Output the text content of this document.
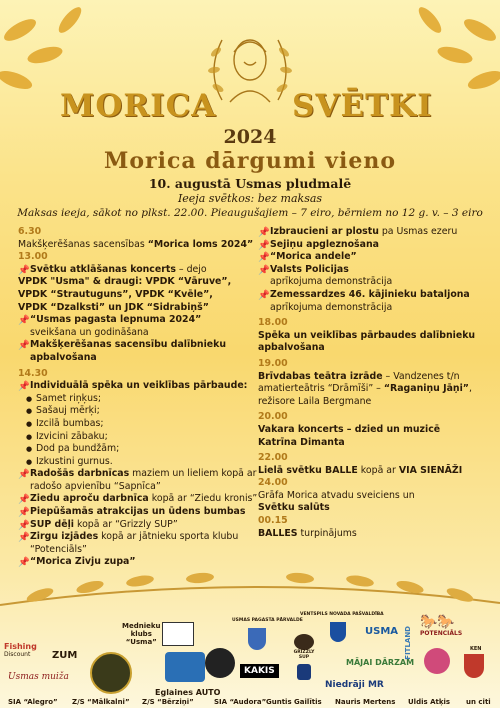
MORICA SVĒTKI
2024
Morica dārgumi vieno
10. augustā Usmas pludmalē
Ieeja svētkos: bez maksas
Maksas ieeja, sākot no plkst. 22.00. Pieaugušajiem – 7 eiro, bērniem no 12 g. v. – 3 eiro
6.30
Makšķerēšanas sacensības “Morica loms 2024”
13.00
📌Svētku atklāšanas koncerts – dejo
VPDK "Usma" & draugi: VPDK “Vāruve”,
VPDK “Strautuguns”, VPDK “Kvēle”,
VPDK “Dzalksti” un JDK “Sidrabiņš”
📌“Usmas pagasta lepnuma 2024”
sveikšana un godināšana
📌Makšķerēšanas sacensību dalībnieku
apbalvošana
14.30
📌Individuālā spēka un veiklības pārbaude:
● Samet riņķus;
● Sašauj mērķi;
● Izcilā bumbas;
● Izvicini zābaku;
● Dod pa bundžām;
● Izkustini gurnus.
📌Radošās darbnīcas maziem un lieliem kopā ar
radošo apvienību “Sapnīca”
📌Ziedu aproču darbnīca kopā ar “Ziedu kronis”
📌Piepūšamās atrakcijas un ūdens bumbas
📌SUP dēļi kopā ar “Grizzly SUP”
📌Zirgu izjādes kopā ar jātnieku sporta klubu
“Potenciāls”
📌“Morica Zivju zupa”
📌Izbraucieni ar plostu pa Usmas ezeru
📌Sejiņu apgleznošana
📌“Morica andele”
📌Valsts Policijas
aprīkojuma demonstrācija
📌Zemessardzes 46. kājinieku bataljona
aprīkojuma demonstrācija
18.00
Spēka un veiklības pārbaudes dalībnieku
apbalvošana
19.00
Brīvdabas teātra izrāde – Vandzenes t/n
amatierteātris “Drāmīši” – “Raganiņu Jāņi”,
režisore Laila Bergmane
20.00
Vakara koncerts – dzied un muzicē
Katrīna Dimanta
22.00
Lielā svētku BALLE kopā ar VIA SIENĀŽI
24.00
Grāfa Morica atvadu sveiciens un
Svētku salūts
00.15
BALLES turpinājums
Fishing
Discount	ZUM
Usmas muiža
Mednieku
klubs
“Usma”
Eglaines AUTO
USMAS PAGASTA PĀRVALDE
KAKIS
GRIZZLY SUP
VENTSPILS NOVADA PAŠVALDĪBA
USMA
MĀJAI DĀRZAM
Niedrāji MR
FITLAND
🐎🐎
POTENCIĀLS
KEN
SIA “Alegro” Z/S “Mālkalni” Z/S “Bērziņi”	SIA “Audora” Guntis Gailītis Nauris Mertens Uldis Atķis un citi
